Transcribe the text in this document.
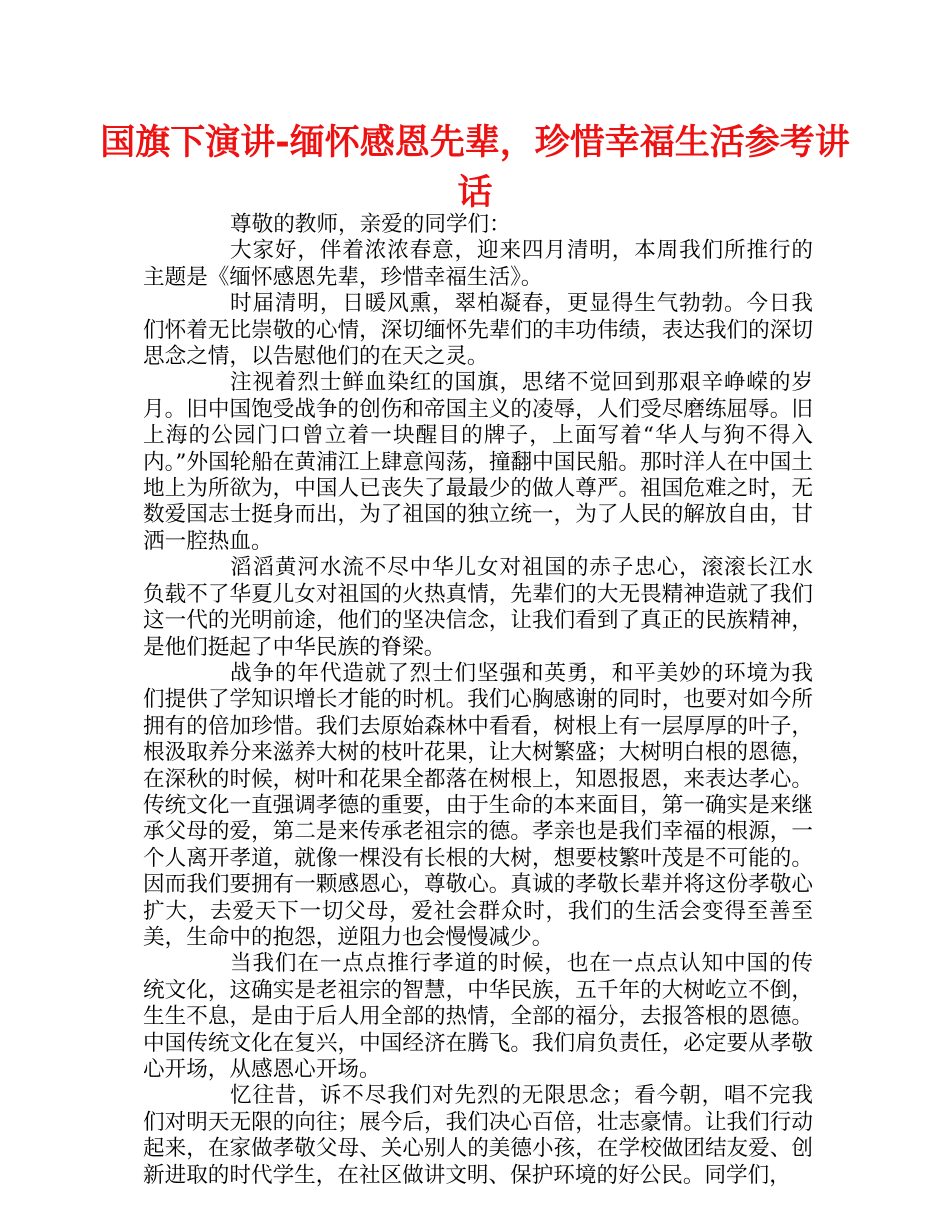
国旗下演讲-缅怀感恩先辈，珍惜幸福生活参考讲话

尊敬的教师，亲爱的同学们：

大家好，伴着浓浓春意，迎来四月清明，本周我们所推行的主题是《缅怀感恩先辈，珍惜幸福生活》。

时届清明，日暖风熏，翠柏凝春，更显得生气勃勃。今日我们怀着无比崇敬的心情，深切缅怀先辈们的丰功伟绩，表达我们的深切思念之情，以告慰他们的在天之灵。

注视着烈士鲜血染红的国旗，思绪不觉回到那艰辛峥嵘的岁月。旧中国饱受战争的创伤和帝国主义的凌辱，人们受尽磨练屈辱。旧上海的公园门口曾立着一块醒目的牌子，上面写着“华人与狗不得入内。”外国轮船在黄浦江上肆意闯荡，撞翻中国民船。那时洋人在中国土地上为所欲为，中国人已丧失了最最少的做人尊严。祖国危难之时，无数爱国志士挺身而出，为了祖国的独立统一，为了人民的解放自由，甘洒一腔热血。

滔滔黄河水流不尽中华儿女对祖国的赤子忠心，滚滚长江水负载不了华夏儿女对祖国的火热真情，先辈们的大无畏精神造就了我们这一代的光明前途，他们的坚决信念，让我们看到了真正的民族精神，是他们挺起了中华民族的脊梁。

战争的年代造就了烈士们坚强和英勇，和平美妙的环境为我们提供了学知识增长才能的时机。我们心胸感谢的同时，也要对如今所拥有的倍加珍惜。我们去原始森林中看看，树根上有一层厚厚的叶子，根汲取养分来滋养大树的枝叶花果，让大树繁盛；大树明白根的恩德，在深秋的时候，树叶和花果全都落在树根上，知恩报恩，来表达孝心。传统文化一直强调孝德的重要，由于生命的本来面目，第一确实是来继承父母的爱，第二是来传承老祖宗的德。孝亲也是我们幸福的根源，一个人离开孝道，就像一棵没有长根的大树，想要枝繁叶茂是不可能的。因而我们要拥有一颗感恩心，尊敬心。真诚的孝敬长辈并将这份孝敬心扩大，去爱天下一切父母，爱社会群众时，我们的生活会变得至善至美，生命中的抱怨，逆阻力也会慢慢减少。

当我们在一点点推行孝道的时候，也在一点点认知中国的传统文化，这确实是老祖宗的智慧，中华民族，五千年的大树屹立不倒，生生不息，是由于后人用全部的热情，全部的福分，去报答根的恩德。中国传统文化在复兴，中国经济在腾飞。我们肩负责任，必定要从孝敬心开场，从感恩心开场。

忆往昔，诉不尽我们对先烈的无限思念；看今朝，唱不完我们对明天无限的向往；展今后，我们决心百倍，壮志豪情。让我们行动起来，在家做孝敬父母、关心别人的美德小孩，在学校做团结友爱、创新进取的时代学生，在社区做讲文明、保护环境的好公民。同学们，
